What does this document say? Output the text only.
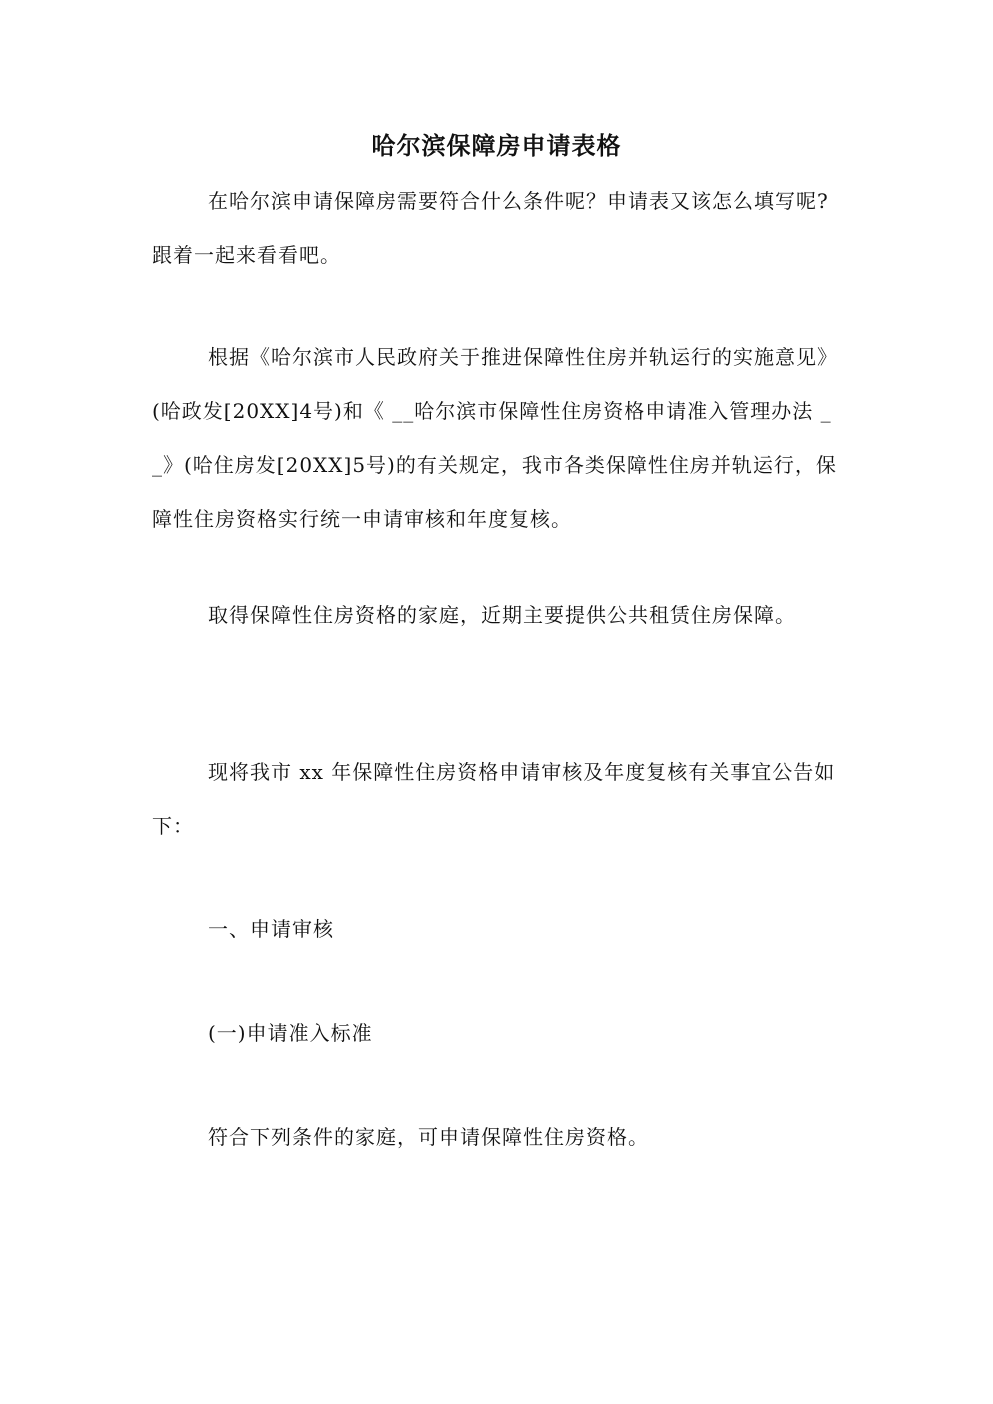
哈尔滨保障房申请表格
在哈尔滨申请保障房需要符合什么条件呢？申请表又该怎么填写呢?跟着一起来看看吧。
根据《哈尔滨市人民政府关于推进保障性住房并轨运行的实施意见》(哈政发[20XX]4号)和《 __哈尔滨市保障性住房资格申请准入管理办法 __》(哈住房发[20XX]5号)的有关规定，我市各类保障性住房并轨运行，保障性住房资格实行统一申请审核和年度复核。
取得保障性住房资格的家庭，近期主要提供公共租赁住房保障。
现将我市 xx 年保障性住房资格申请审核及年度复核有关事宜公告如下：
一、申请审核
(一)申请准入标准
符合下列条件的家庭，可申请保障性住房资格。
